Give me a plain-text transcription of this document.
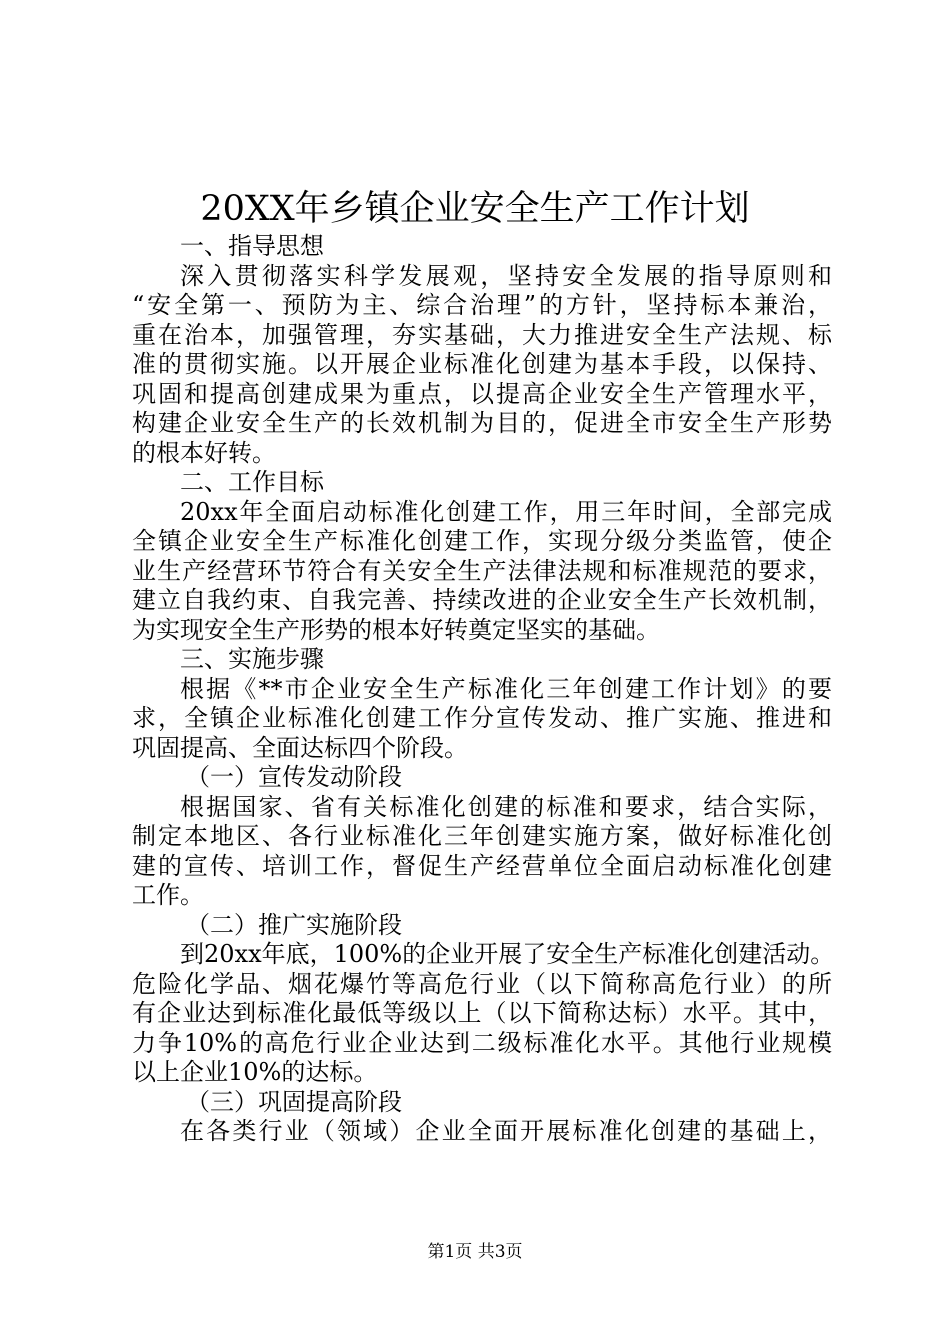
20XX年乡镇企业安全生产工作计划
一、指导思想
深入贯彻落实科学发展观，坚持安全发展的指导原则和
“安全第一、预防为主、综合治理”的方针，坚持标本兼治，
重在治本，加强管理，夯实基础，大力推进安全生产法规、标
准的贯彻实施。以开展企业标准化创建为基本手段，以保持、
巩固和提高创建成果为重点，以提高企业安全生产管理水平，
构建企业安全生产的长效机制为目的，促进全市安全生产形势
的根本好转。
二、工作目标
20xx年全面启动标准化创建工作，用三年时间，全部完成
全镇企业安全生产标准化创建工作，实现分级分类监管，使企
业生产经营环节符合有关安全生产法律法规和标准规范的要求，
建立自我约束、自我完善、持续改进的企业安全生产长效机制，
为实现安全生产形势的根本好转奠定坚实的基础。
三、实施步骤
根据《**市企业安全生产标准化三年创建工作计划》的要
求，全镇企业标准化创建工作分宣传发动、推广实施、推进和
巩固提高、全面达标四个阶段。
（一）宣传发动阶段
根据国家、省有关标准化创建的标准和要求，结合实际，
制定本地区、各行业标准化三年创建实施方案，做好标准化创
建的宣传、培训工作，督促生产经营单位全面启动标准化创建
工作。
（二）推广实施阶段
到20xx年底，100%的企业开展了安全生产标准化创建活动。
危险化学品、烟花爆竹等高危行业（以下简称高危行业）的所
有企业达到标准化最低等级以上（以下简称达标）水平。其中，
力争10%的高危行业企业达到二级标准化水平。其他行业规模
以上企业10%的达标。
（三）巩固提高阶段
在各类行业（领域）企业全面开展标准化创建的基础上，
第1页 共3页
